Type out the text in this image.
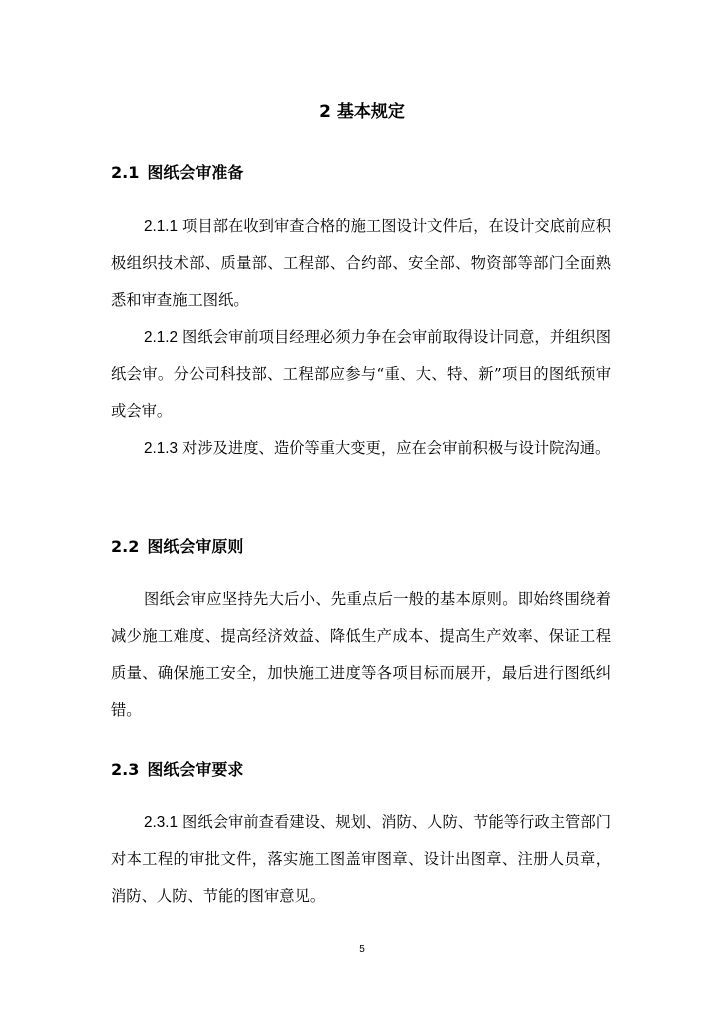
2 基本规定
2.1 图纸会审准备

2.1.1 项目部在收到审查合格的施工图设计文件后，在设计交底前应积极组织技术部、质量部、工程部、合约部、安全部、物资部等部门全面熟悉和审查施工图纸。

2.1.2 图纸会审前项目经理必须力争在会审前取得设计同意，并组织图纸会审。分公司科技部、工程部应参与“重、大、特、新”项目的图纸预审或会审。

2.1.3 对涉及进度、造价等重大变更，应在会审前积极与设计院沟通。

2.2 图纸会审原则

图纸会审应坚持先大后小、先重点后一般的基本原则。即始终围绕着减少施工难度、提高经济效益、降低生产成本、提高生产效率、保证工程质量、确保施工安全，加快施工进度等各项目标而展开，最后进行图纸纠错。

2.3 图纸会审要求

2.3.1 图纸会审前查看建设、规划、消防、人防、节能等行政主管部门对本工程的审批文件，落实施工图盖审图章、设计出图章、注册人员章，消防、人防、节能的图审意见。

5
